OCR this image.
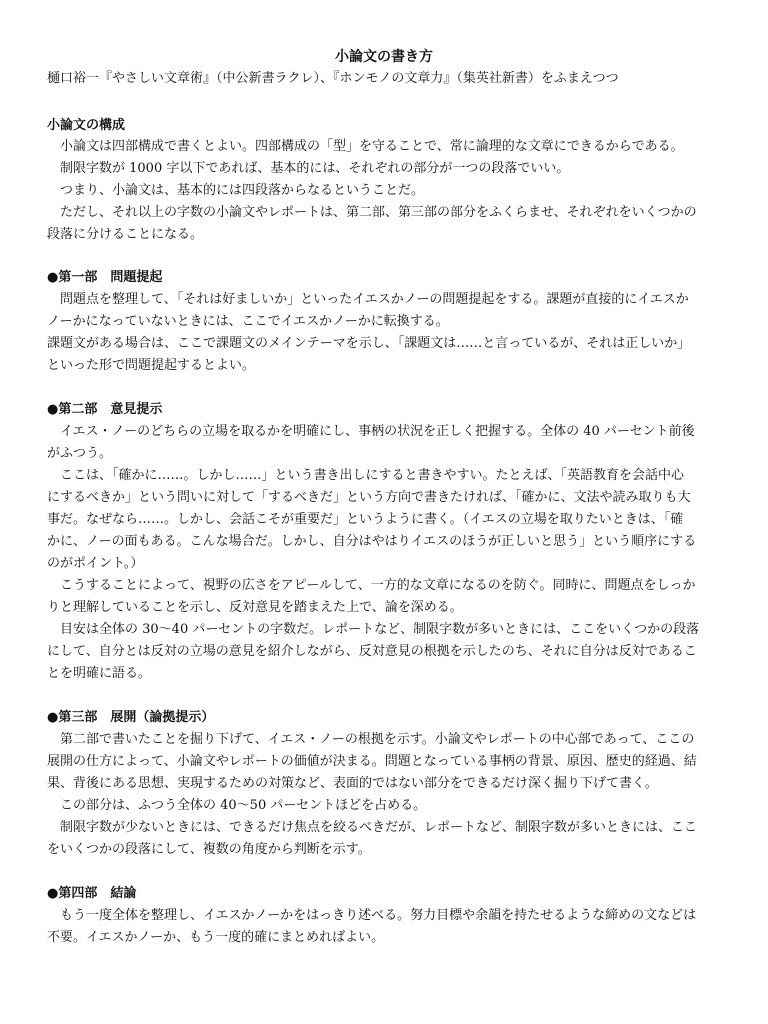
小論文の書き方
樋口裕一『やさしい文章術』（中公新書ラクレ）、『ホンモノの文章力』（集英社新書）をふまえつつ
小論文の構成
　小論文は四部構成で書くとよい。四部構成の「型」を守ることで、常に論理的な文章にできるからである。
　制限字数が 1000 字以下であれば、基本的には、それぞれの部分が一つの段落でいい。
　つまり、小論文は、基本的には四段落からなるということだ。
　ただし、それ以上の字数の小論文やレポートは、第二部、第三部の部分をふくらませ、それぞれをいくつかの
段落に分けることになる。
●第一部　問題提起
　問題点を整理して、「それは好ましいか」といったイエスかノーの問題提起をする。課題が直接的にイエスか
ノーかになっていないときには、ここでイエスかノーかに転換する。
課題文がある場合は、ここで課題文のメインテーマを示し、「課題文は……と言っているが、それは正しいか」
といった形で問題提起するとよい。
●第二部　意見提示
　イエス・ノーのどちらの立場を取るかを明確にし、事柄の状況を正しく把握する。全体の 40 パーセント前後
がふつう。
　ここは、「確かに……。しかし……」という書き出しにすると書きやすい。たとえば、「英語教育を会話中心
にするべきか」という問いに対して「するべきだ」という方向で書きたければ、「確かに、文法や読み取りも大
事だ。なぜなら……。しかし、会話こそが重要だ」というように書く。（イエスの立場を取りたいときは、「確
かに、ノーの面もある。こんな場合だ。しかし、自分はやはりイエスのほうが正しいと思う」という順序にする
のがポイント。）
　こうすることによって、視野の広さをアピールして、一方的な文章になるのを防ぐ。同時に、問題点をしっか
りと理解していることを示し、反対意見を踏まえた上で、論を深める。
　目安は全体の 30〜40 パーセントの字数だ。レポートなど、制限字数が多いときには、ここをいくつかの段落
にして、自分とは反対の立場の意見を紹介しながら、反対意見の根拠を示したのち、それに自分は反対であるこ
とを明確に語る。
●第三部　展開（論拠提示）
　第二部で書いたことを掘り下げて、イエス・ノーの根拠を示す。小論文やレポートの中心部であって、ここの
展開の仕方によって、小論文やレポートの価値が決まる。問題となっている事柄の背景、原因、歴史的経過、結
果、背後にある思想、実現するための対策など、表面的ではない部分をできるだけ深く掘り下げて書く。
　この部分は、ふつう全体の 40〜50 パーセントほどを占める。
　制限字数が少ないときには、できるだけ焦点を絞るべきだが、レポートなど、制限字数が多いときには、ここ
をいくつかの段落にして、複数の角度から判断を示す。
●第四部　結論
　もう一度全体を整理し、イエスかノーかをはっきり述べる。努力目標や余韻を持たせるような締めの文などは
不要。イエスかノーか、もう一度的確にまとめればよい。
